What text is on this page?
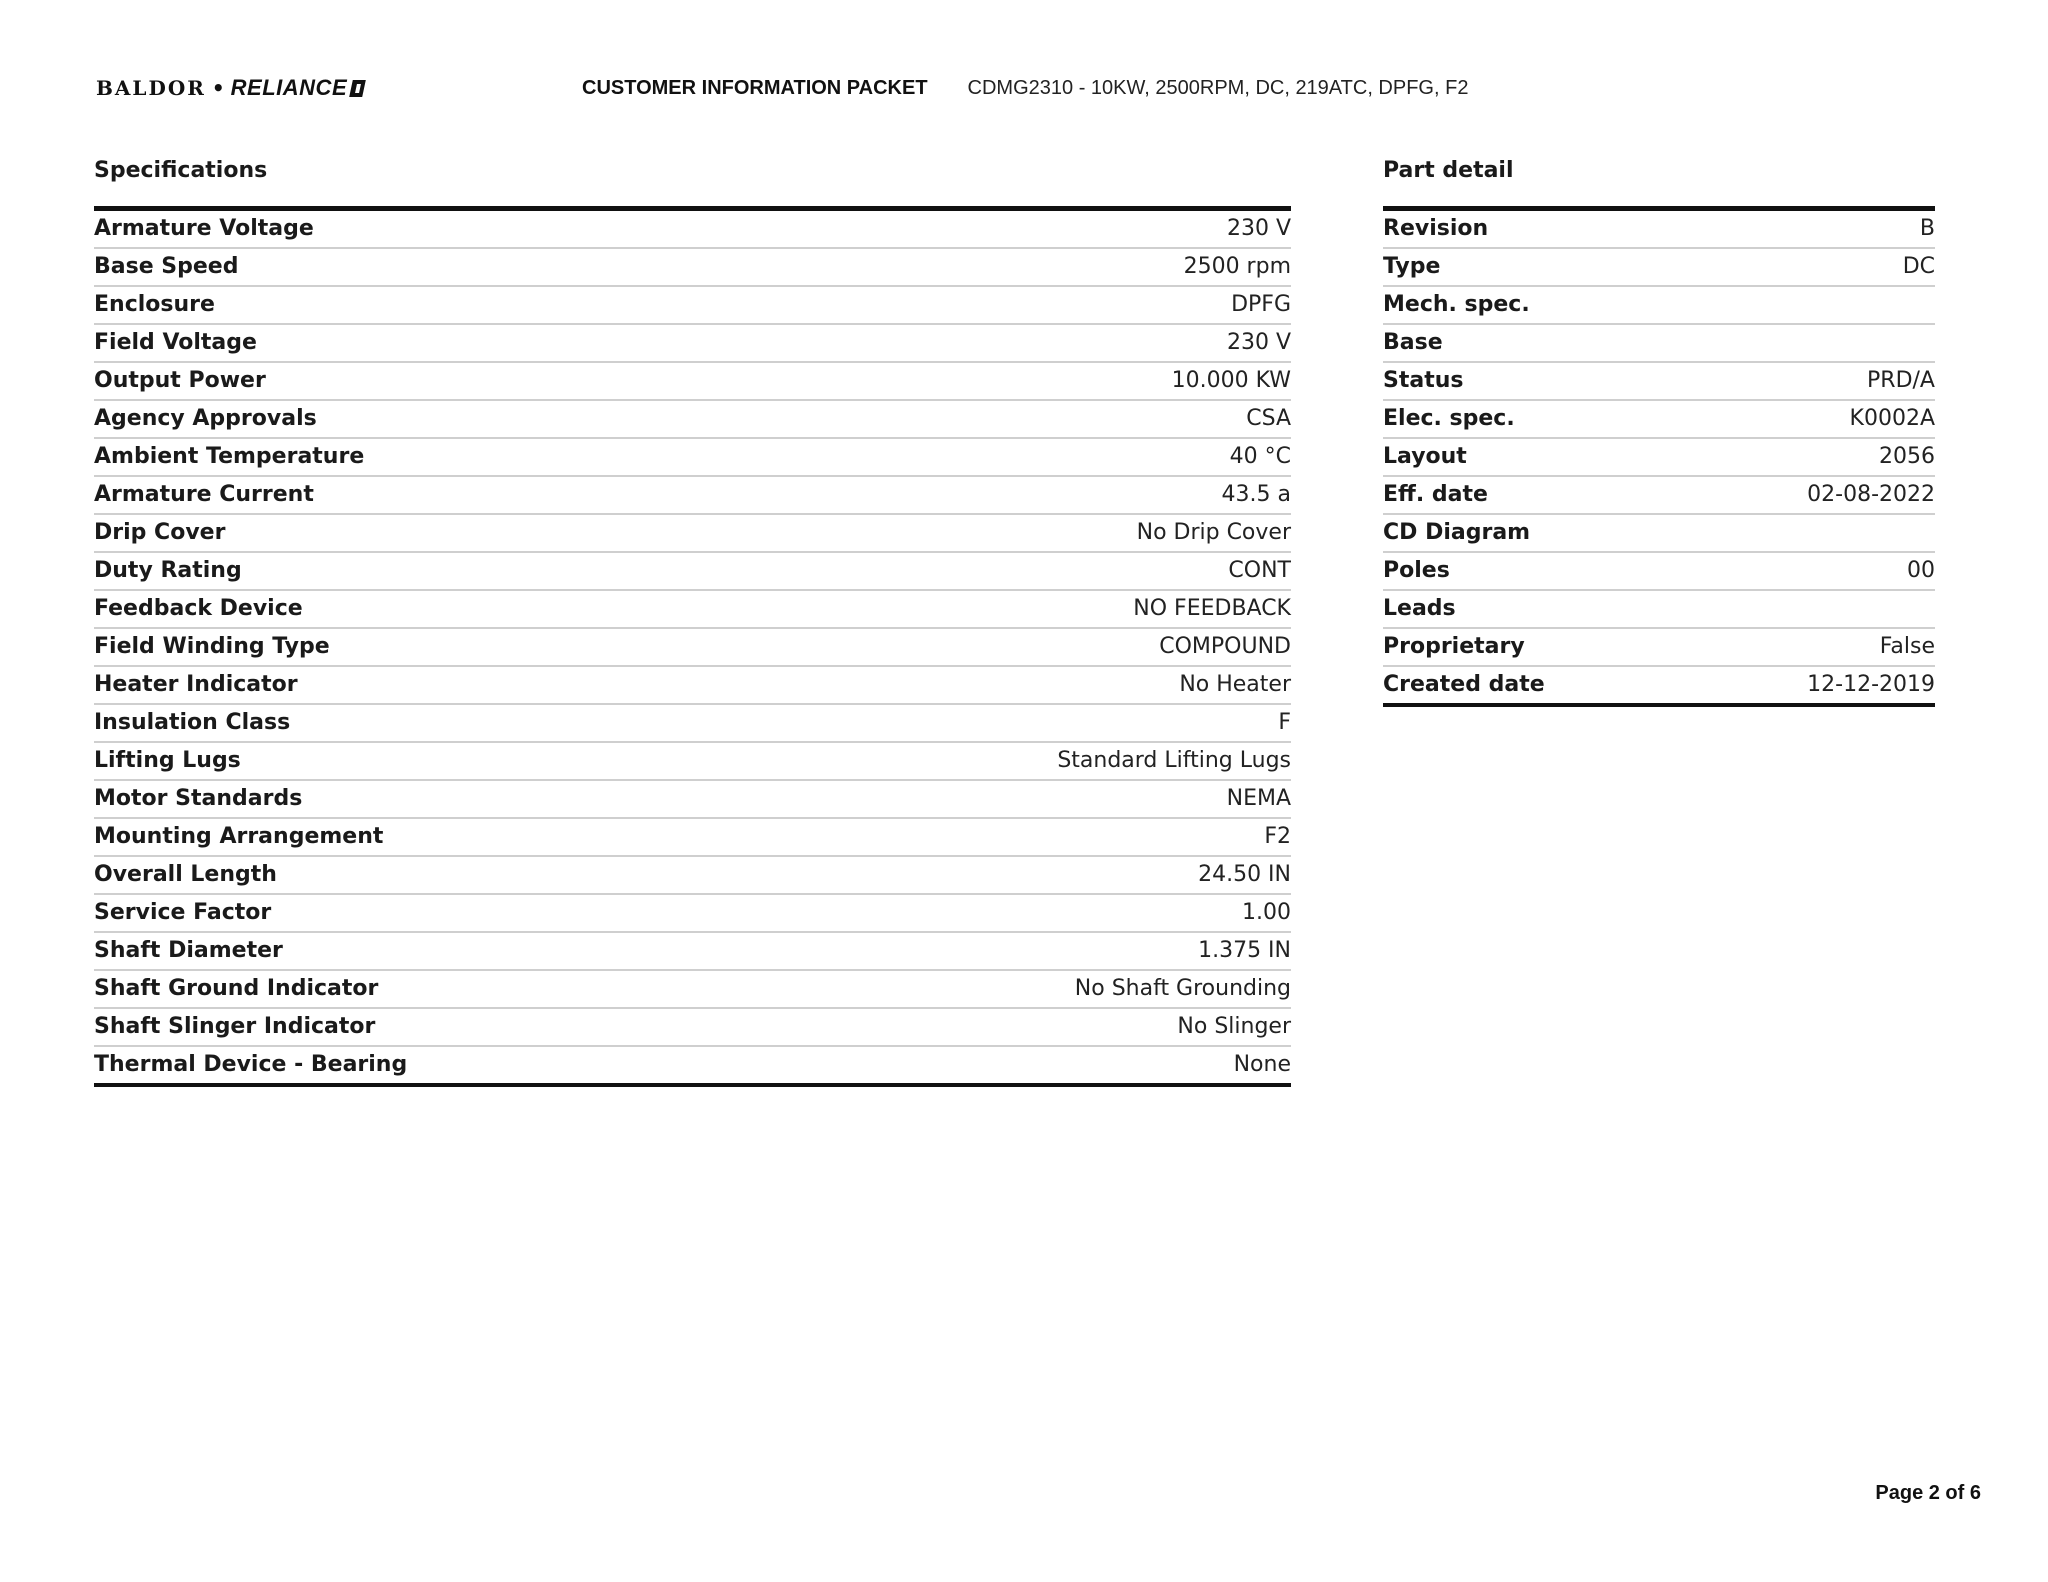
BALDOR • RELIANCE	CUSTOMER INFORMATION PACKET CDMG2310 - 10KW, 2500RPM, DC, 219ATC, DPFG, F2
Specifications
Armature Voltage	230 V
Base Speed	2500 rpm
Enclosure	DPFG
Field Voltage	230 V
Output Power	10.000 KW
Agency Approvals	CSA
Ambient Temperature	40 °C
Armature Current	43.5 a
Drip Cover	No Drip Cover
Duty Rating	CONT
Feedback Device	NO FEEDBACK
Field Winding Type	COMPOUND
Heater Indicator	No Heater
Insulation Class	F
Lifting Lugs	Standard Lifting Lugs
Motor Standards	NEMA
Mounting Arrangement	F2
Overall Length	24.50 IN
Service Factor	1.00
Shaft Diameter	1.375 IN
Shaft Ground Indicator	No Shaft Grounding
Shaft Slinger Indicator	No Slinger
Thermal Device - Bearing	None
Part detail
Revision	B
Type	DC
Mech. spec.	
Base	
Status	PRD/A
Elec. spec.	K0002A
Layout	2056
Eff. date	02-08-2022
CD Diagram	
Poles	00
Leads	
Proprietary	False
Created date	12-12-2019
Page 2 of 6
